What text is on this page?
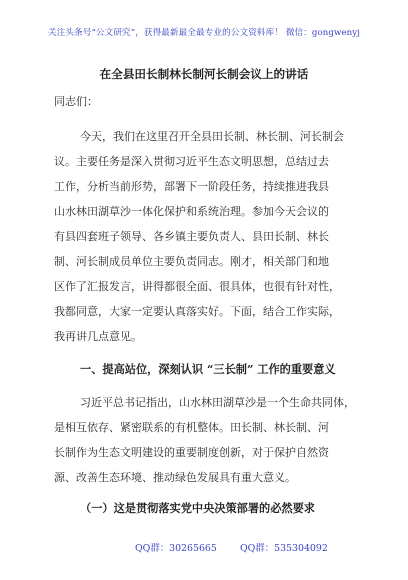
关注头条号“公文研究”，获得最新最全最专业的公文资料库！ 微信：gongwenyj
在全县田长制林长制河长制会议上的讲话
同志们：
今天，我们在这里召开全县田长制、林长制、河长制会
议。主要任务是深入贯彻习近平生态文明思想，总结过去
工作，分析当前形势，部署下一阶段任务，持续推进我县
山水林田湖草沙一体化保护和系统治理。参加今天会议的
有县四套班子领导、各乡镇主要负责人、县田长制、林长
制、河长制成员单位主要负责同志。刚才，相关部门和地
区作了汇报发言，讲得都很全面、很具体，也很有针对性，
我都同意，大家一定要认真落实好。下面，结合工作实际，
我再讲几点意见。
一、提高站位，深刻认识 “三长制” 工作的重要意义
习近平总书记指出，山水林田湖草沙是一个生命共同体，
是相互依存、紧密联系的有机整体。田长制、林长制、河
长制作为生态文明建设的重要制度创新，对于保护自然资
源、改善生态环境、推动绿色发展具有重大意义。
（一）这是贯彻落实党中央决策部署的必然要求
QQ群：30265665 QQ群：535304092
